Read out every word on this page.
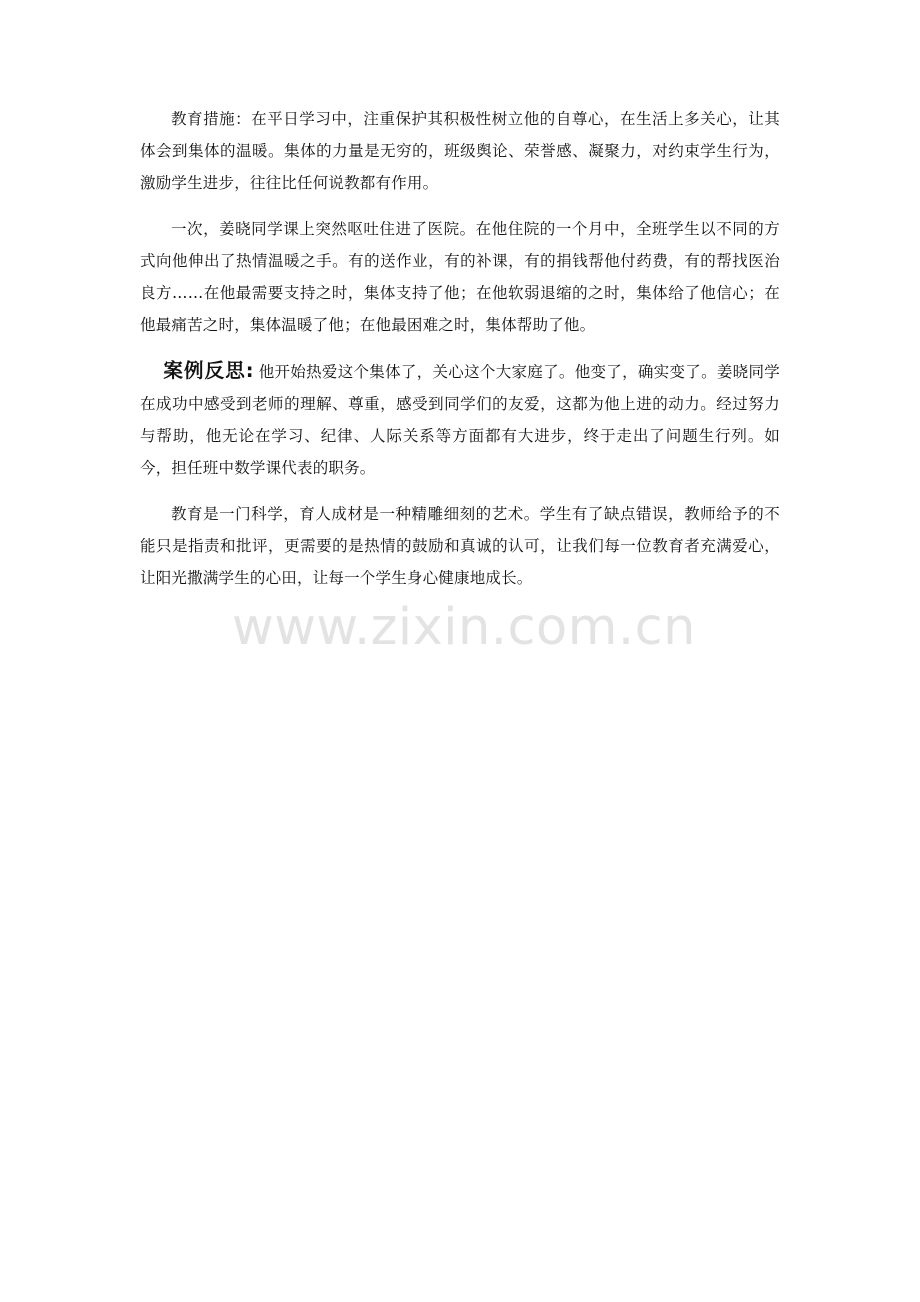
教育措施：在平日学习中，注重保护其积极性树立他的自尊心，在生活上多关心，让其体会到集体的温暖。集体的力量是无穷的，班级舆论、荣誉感、凝聚力，对约束学生行为，激励学生进步，往往比任何说教都有作用。

一次，姜晓同学课上突然呕吐住进了医院。在他住院的一个月中，全班学生以不同的方式向他伸出了热情温暖之手。有的送作业，有的补课，有的捐钱帮他付药费，有的帮找医治良方……在他最需要支持之时，集体支持了他；在他软弱退缩的之时，集体给了他信心；在他最痛苦之时，集体温暖了他；在他最困难之时，集体帮助了他。

案例反思: 他开始热爱这个集体了，关心这个大家庭了。他变了，确实变了。姜晓同学在成功中感受到老师的理解、尊重，感受到同学们的友爱，这都为他上进的动力。经过努力与帮助，他无论在学习、纪律、人际关系等方面都有大进步，终于走出了问题生行列。如今，担任班中数学课代表的职务。

教育是一门科学，育人成材是一种精雕细刻的艺术。学生有了缺点错误，教师给予的不能只是指责和批评，更需要的是热情的鼓励和真诚的认可，让我们每一位教育者充满爱心，让阳光撒满学生的心田，让每一个学生身心健康地成长。

www.zixin.com.cn
